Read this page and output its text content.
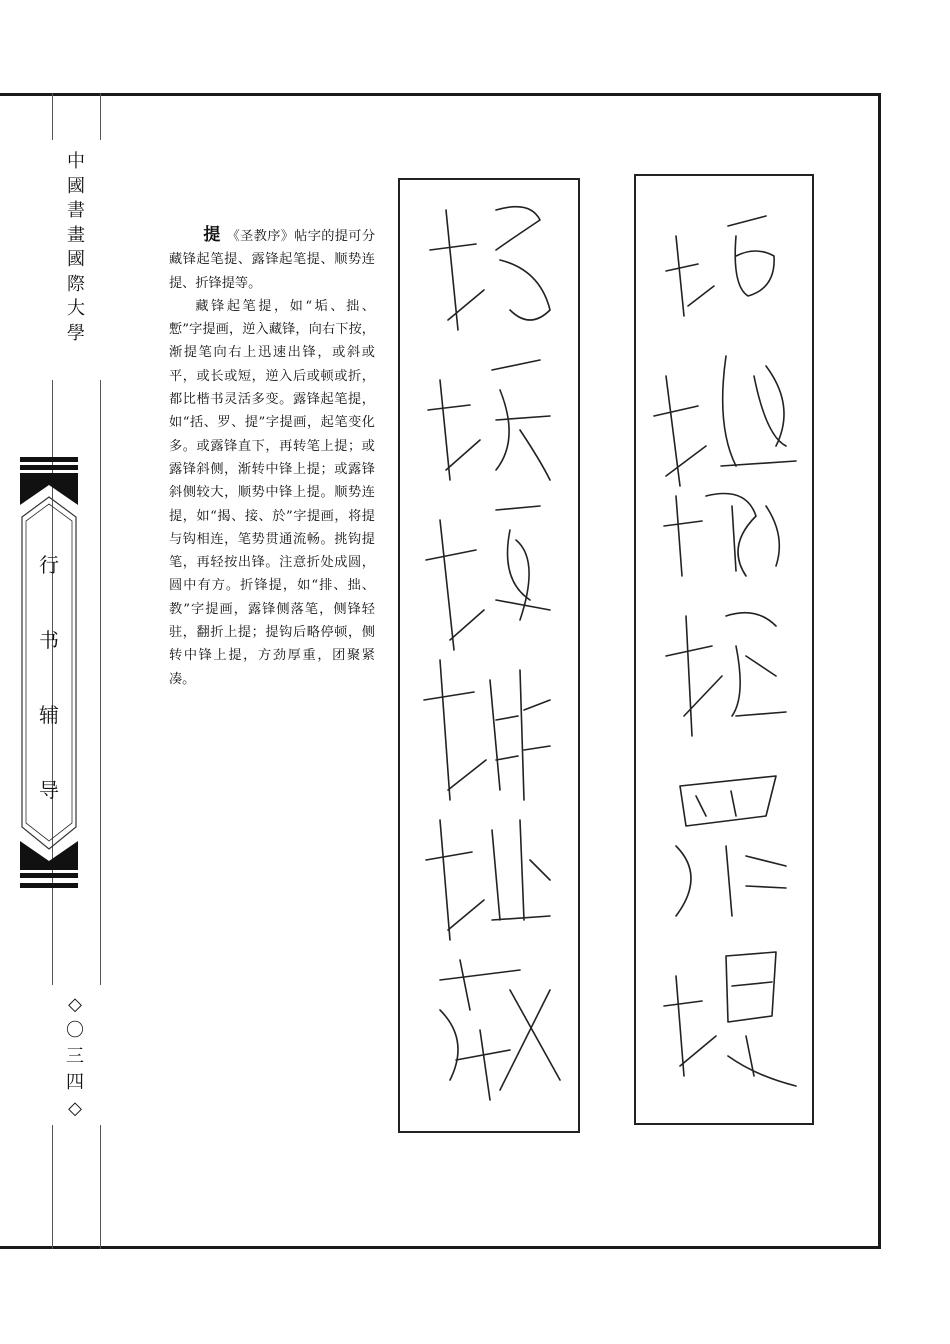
中
國
書
畫
國
際
大
學
行
书
辅
导
◇
〇
三
四
◇

提 《圣教序》帖字的提可分藏锋起笔提、露锋起笔提、顺势连提、折锋提等。

藏锋起笔提，如“垢、拙、慙”字提画，逆入藏锋，向右下按，渐提笔向右上迅速出锋，或斜或平，或长或短，逆入后或顿或折，都比楷书灵活多变。露锋起笔提，如“括、罗、提”字提画，起笔变化多。或露锋直下，再转笔上提；或露锋斜侧，渐转中锋上提；或露锋斜侧较大，顺势中锋上提。顺势连提，如“揭、接、於”字提画，将提与钩相连，笔势贯通流畅。挑钩提笔，再轻按出锋。注意折处成圆，圆中有方。折锋提，如“排、拙、教”字提画，露锋侧落笔，侧锋轻驻，翻折上提；提钩后略停顿，侧转中锋上提，方劲厚重，团聚紧凑。
